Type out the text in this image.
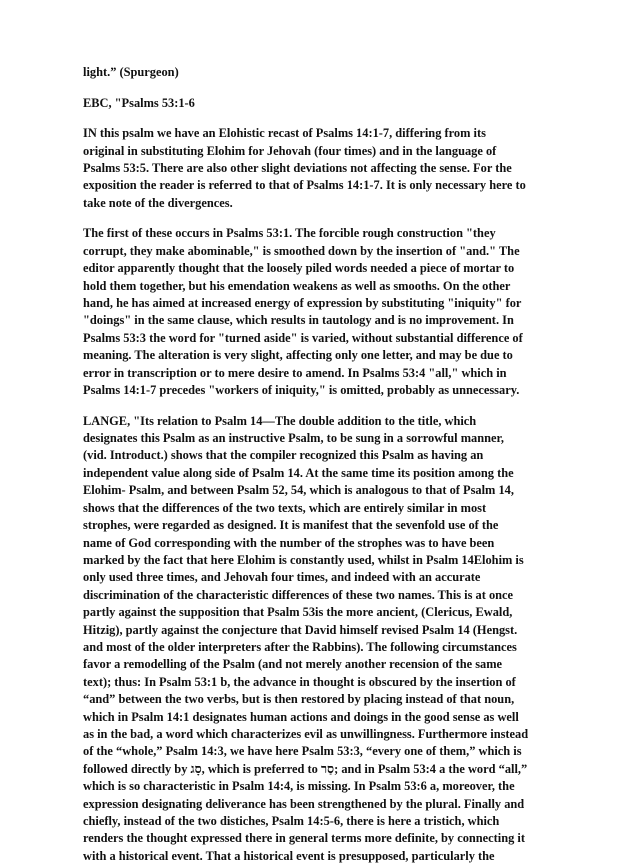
light.” (Spurgeon)
EBC, "Psalms 53:1-6
IN this psalm we have an Elohistic recast of Psalms 14:1-7, differing from its
original in substituting Elohim for Jehovah (four times) and in the language of
Psalms 53:5. There are also other slight deviations not affecting the sense. For the
exposition the reader is referred to that of Psalms 14:1-7. It is only necessary here to
take note of the divergences.
The first of these occurs in Psalms 53:1. The forcible rough construction "they
corrupt, they make abominable," is smoothed down by the insertion of "and." The
editor apparently thought that the loosely piled words needed a piece of mortar to
hold them together, but his emendation weakens as well as smooths. On the other
hand, he has aimed at increased energy of expression by substituting "iniquity" for
"doings" in the same clause, which results in tautology and is no improvement. In
Psalms 53:3 the word for "turned aside" is varied, without substantial difference of
meaning. The alteration is very slight, affecting only one letter, and may be due to
error in transcription or to mere desire to amend. In Psalms 53:4 "all," which in
Psalms 14:1-7 precedes "workers of iniquity," is omitted, probably as unnecessary.
LANGE, "Its relation to Psalm 14—The double addition to the title, which
designates this Psalm as an instructive Psalm, to be sung in a sorrowful manner,
(vid. Introduct.) shows that the compiler recognized this Psalm as having an
independent value along side of Psalm 14. At the same time its position among the
Elohim- Psalm, and between Psalm 52, 54, which is analogous to that of Psalm 14,
shows that the differences of the two texts, which are entirely similar in most
strophes, were regarded as designed. It is manifest that the sevenfold use of the
name of God corresponding with the number of the strophes was to have been
marked by the fact that here Elohim is constantly used, whilst in Psalm 14Elohim is
only used three times, and Jehovah four times, and indeed with an accurate
discrimination of the characteristic differences of these two names. This is at once
partly against the supposition that Psalm 53is the more ancient, (Clericus, Ewald,
Hitzig), partly against the conjecture that David himself revised Psalm 14 (Hengst.
and most of the older interpreters after the Rabbins). The following circumstances
favor a remodelling of the Psalm (and not merely another recension of the same
text); thus: In Psalm 53:1 b, the advance in thought is obscured by the insertion of
“and” between the two verbs, but is then restored by placing instead of that noun,
which in Psalm 14:1 designates human actions and doings in the good sense as well
as in the bad, a word which characterizes evil as unwillingness. Furthermore instead
of the “whole,” Psalm 14:3, we have here Psalm 53:3, “every one of them,” which is
followed directly by סָג, which is preferred to סַר; and in Psalm 53:4 a the word “all,”
which is so characteristic in Psalm 14:4, is missing. In Psalm 53:6 a, moreover, the
expression designating deliverance has been strengthened by the plural. Finally and
chiefly, instead of the two distiches, Psalm 14:5-6, there is here a tristich, which
renders the thought expressed there in general terms more definite, by connecting it
with a historical event. That a historical event is presupposed, particularly the
